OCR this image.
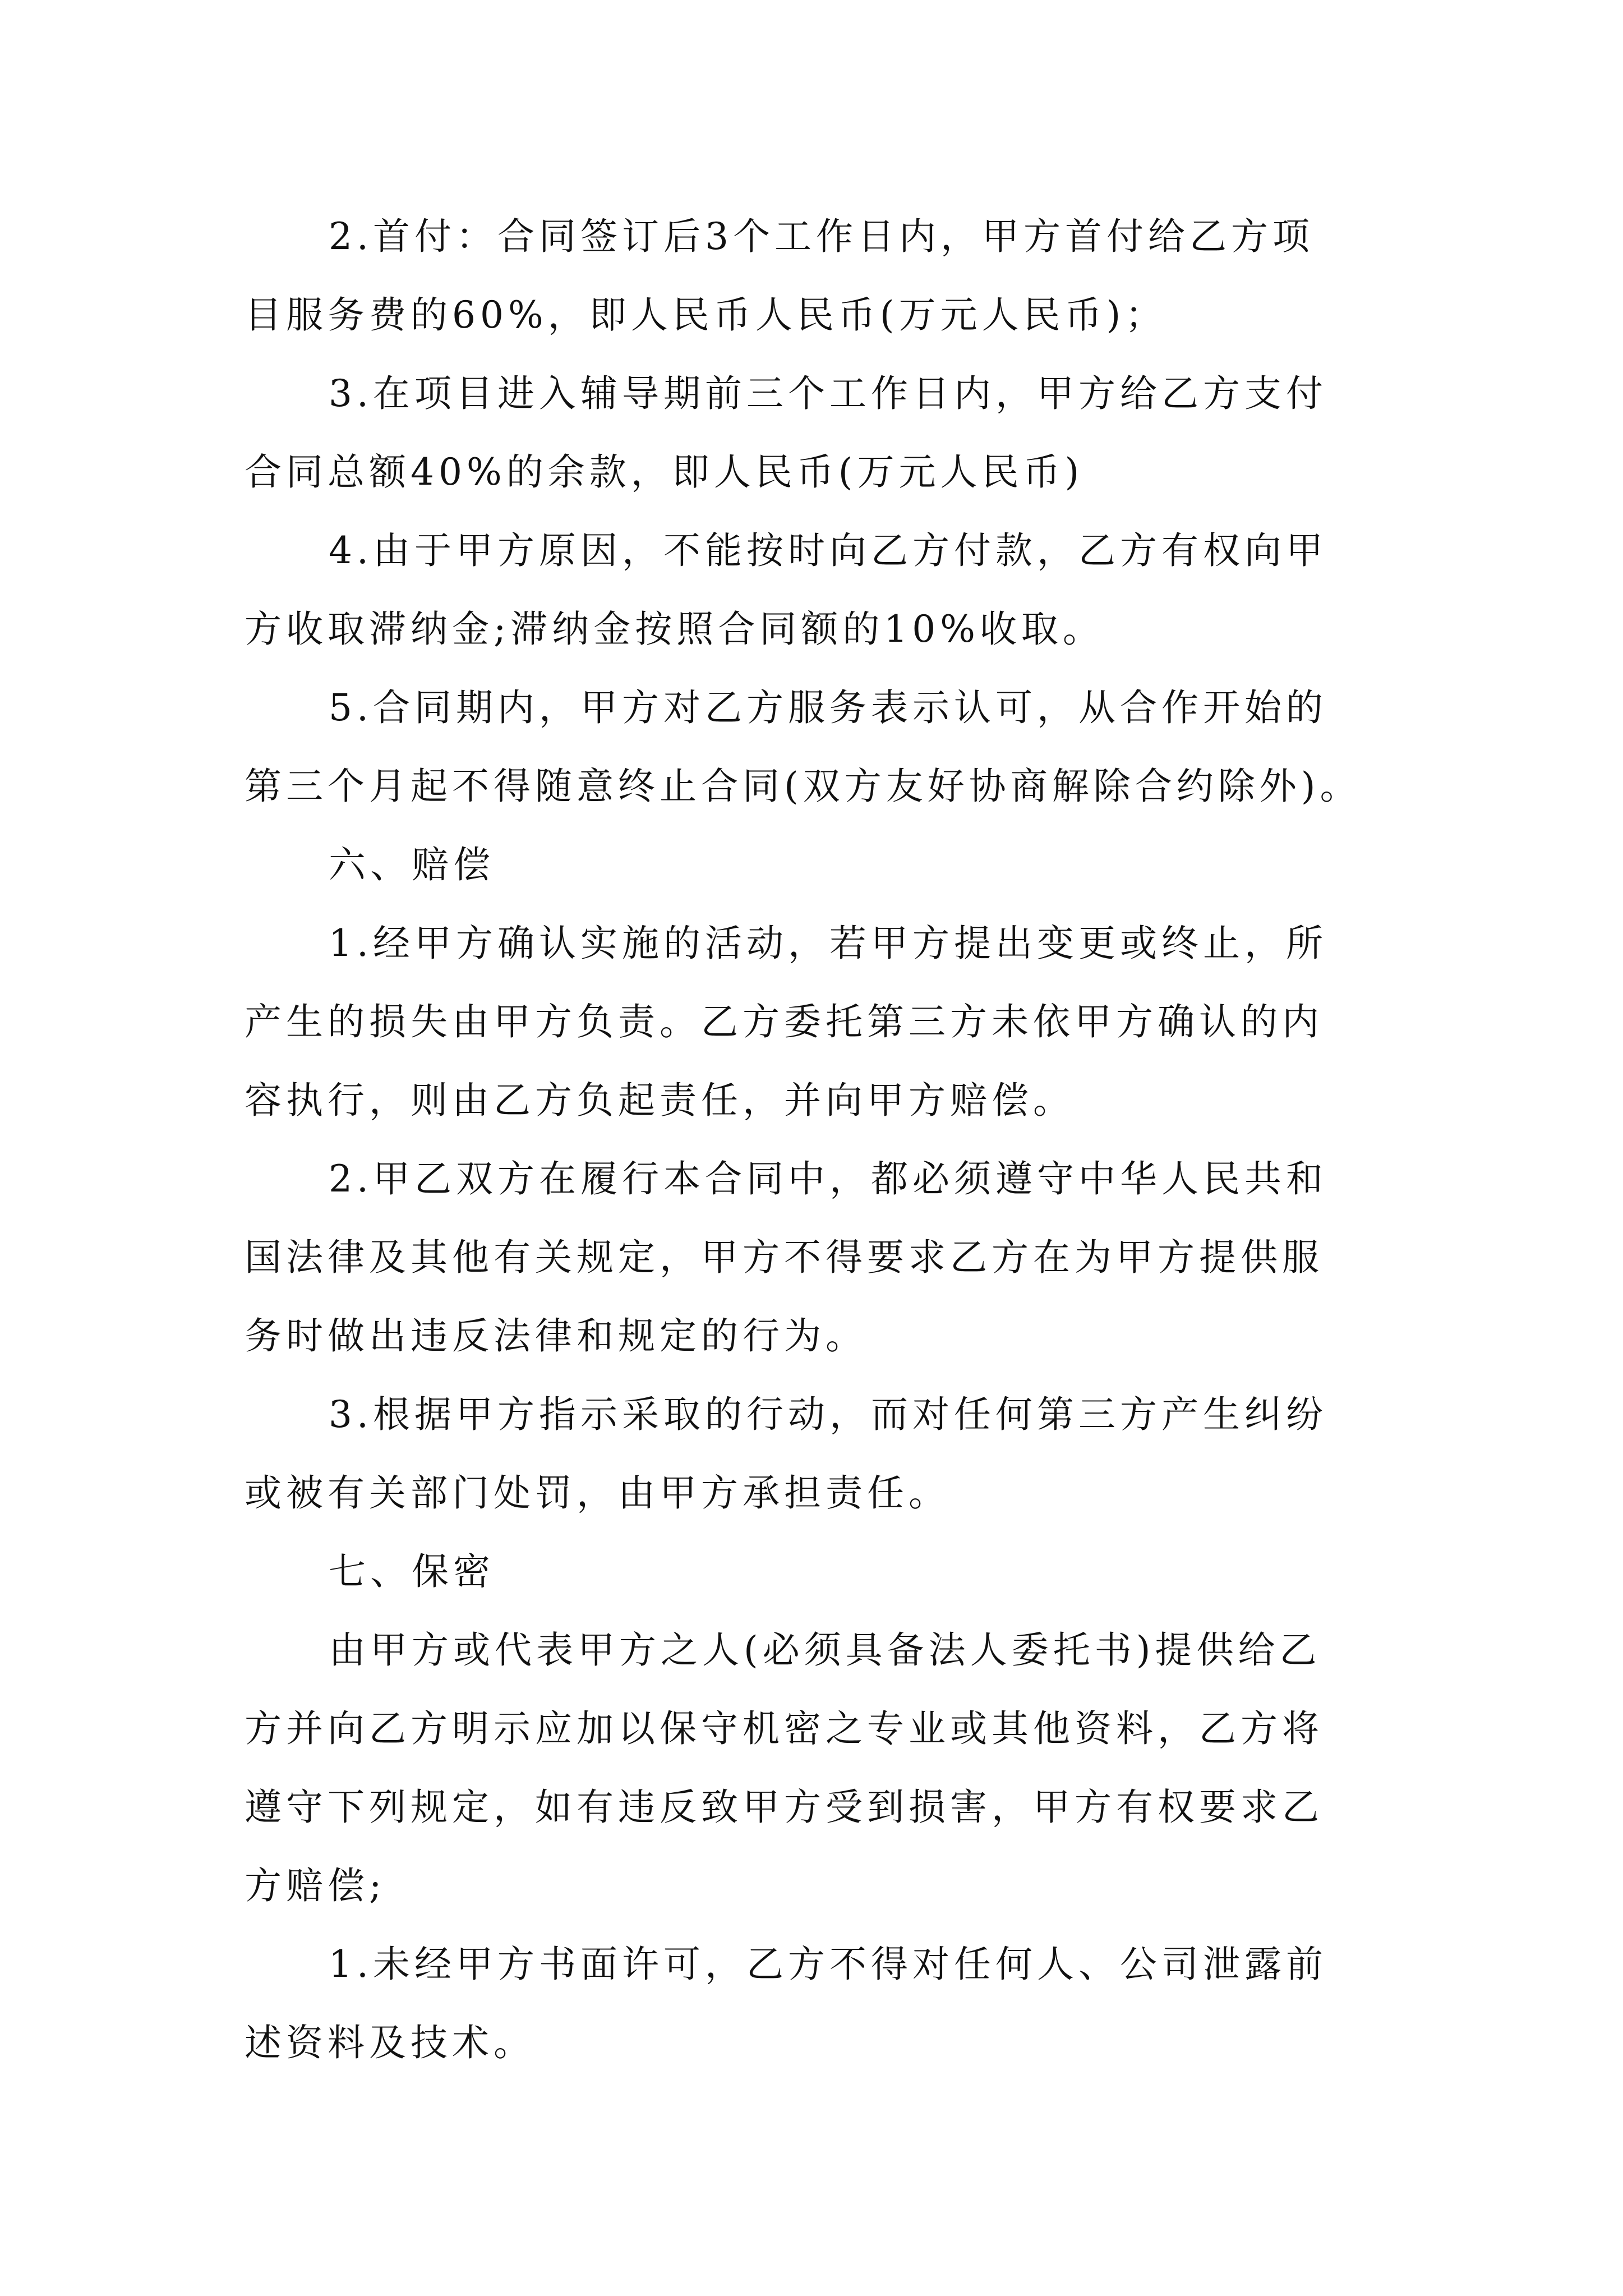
2.首付：合同签订后3个工作日内，甲方首付给乙方项
目服务费的60%，即人民币人民币(万元人民币)；
3.在项目进入辅导期前三个工作日内，甲方给乙方支付
合同总额40%的余款，即人民币(万元人民币)
4.由于甲方原因，不能按时向乙方付款，乙方有权向甲
方收取滞纳金;滞纳金按照合同额的10%收取。
5.合同期内，甲方对乙方服务表示认可，从合作开始的
第三个月起不得随意终止合同(双方友好协商解除合约除外)。
六、赔偿
1.经甲方确认实施的活动，若甲方提出变更或终止，所
产生的损失由甲方负责。乙方委托第三方未依甲方确认的内
容执行，则由乙方负起责任，并向甲方赔偿。
2.甲乙双方在履行本合同中，都必须遵守中华人民共和
国法律及其他有关规定，甲方不得要求乙方在为甲方提供服
务时做出违反法律和规定的行为。
3.根据甲方指示采取的行动，而对任何第三方产生纠纷
或被有关部门处罚，由甲方承担责任。
七、保密
由甲方或代表甲方之人(必须具备法人委托书)提供给乙
方并向乙方明示应加以保守机密之专业或其他资料，乙方将
遵守下列规定，如有违反致甲方受到损害，甲方有权要求乙
方赔偿;
1.未经甲方书面许可，乙方不得对任何人、公司泄露前
述资料及技术。
